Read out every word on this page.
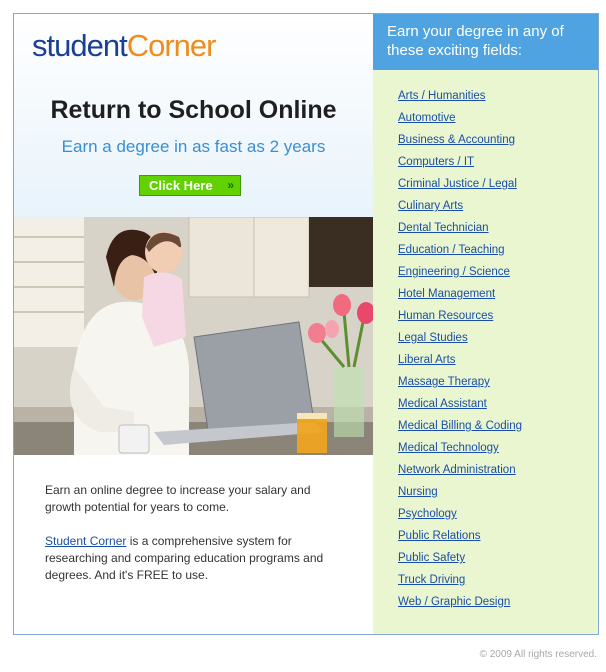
studentCorner
Return to School Online
Earn a degree in as fast as 2 years
Click Here »

Earn an online degree to increase your salary and growth potential for years to come.

Student Corner is a comprehensive system for researching and comparing education programs and degrees. And it's FREE to use.

Earn your degree in any of these exciting fields:
Arts / Humanities
Automotive
Business & Accounting
Computers / IT
Criminal Justice / Legal
Culinary Arts
Dental Technician
Education / Teaching
Engineering / Science
Hotel Management
Human Resources
Legal Studies
Liberal Arts
Massage Therapy
Medical Assistant
Medical Billing & Coding
Medical Technology
Network Administration
Nursing
Psychology
Public Relations
Public Safety
Truck Driving
Web / Graphic Design
© 2009 All rights reserved.
